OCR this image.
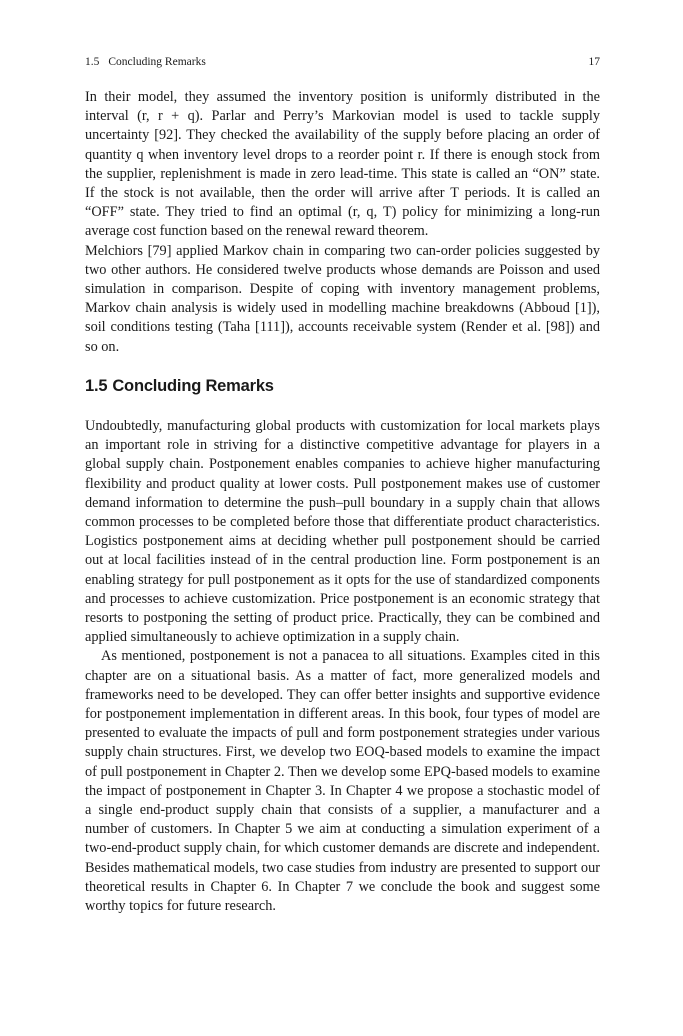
1.5 Concluding Remarks	17

In their model, they assumed the inventory position is uniformly distributed in the interval (r, r + q). Parlar and Perry’s Markovian model is used to tackle supply uncertainty [92]. They checked the availability of the supply before placing an order of quantity q when inventory level drops to a reorder point r. If there is enough stock from the supplier, replenishment is made in zero lead-time. This state is called an “ON” state. If the stock is not available, then the order will arrive after T periods. It is called an “OFF” state. They tried to find an optimal (r, q, T) policy for minimizing a long-run average cost function based on the renewal reward theorem.

Melchiors [79] applied Markov chain in comparing two can-order policies suggested by two other authors. He considered twelve products whose demands are Poisson and used simulation in comparison. Despite of coping with inventory management problems, Markov chain analysis is widely used in modelling machine breakdowns (Abboud [1]), soil conditions testing (Taha [111]), accounts receivable system (Render et al. [98]) and so on.

1.5 Concluding Remarks

Undoubtedly, manufacturing global products with customization for local markets plays an important role in striving for a distinctive competitive advantage for players in a global supply chain. Postponement enables companies to achieve higher manufacturing flexibility and product quality at lower costs. Pull postponement makes use of customer demand information to determine the push–pull boundary in a supply chain that allows common processes to be completed before those that differentiate product characteristics. Logistics postponement aims at deciding whether pull postponement should be carried out at local facilities instead of in the central production line. Form postponement is an enabling strategy for pull postponement as it opts for the use of standardized components and processes to achieve customization. Price postponement is an economic strategy that resorts to postponing the setting of product price. Practically, they can be combined and applied simultaneously to achieve optimization in a supply chain.

As mentioned, postponement is not a panacea to all situations. Examples cited in this chapter are on a situational basis. As a matter of fact, more generalized models and frameworks need to be developed. They can offer better insights and supportive evidence for postponement implementation in different areas. In this book, four types of model are presented to evaluate the impacts of pull and form postponement strategies under various supply chain structures. First, we develop two EOQ-based models to examine the impact of pull postponement in Chapter 2. Then we develop some EPQ-based models to examine the impact of postponement in Chapter 3. In Chapter 4 we propose a stochastic model of a single end-product supply chain that consists of a supplier, a manufacturer and a number of customers. In Chapter 5 we aim at conducting a simulation experiment of a two-end-product supply chain, for which customer demands are discrete and independent. Besides mathematical models, two case studies from industry are presented to support our theoretical results in Chapter 6. In Chapter 7 we conclude the book and suggest some worthy topics for future research.
